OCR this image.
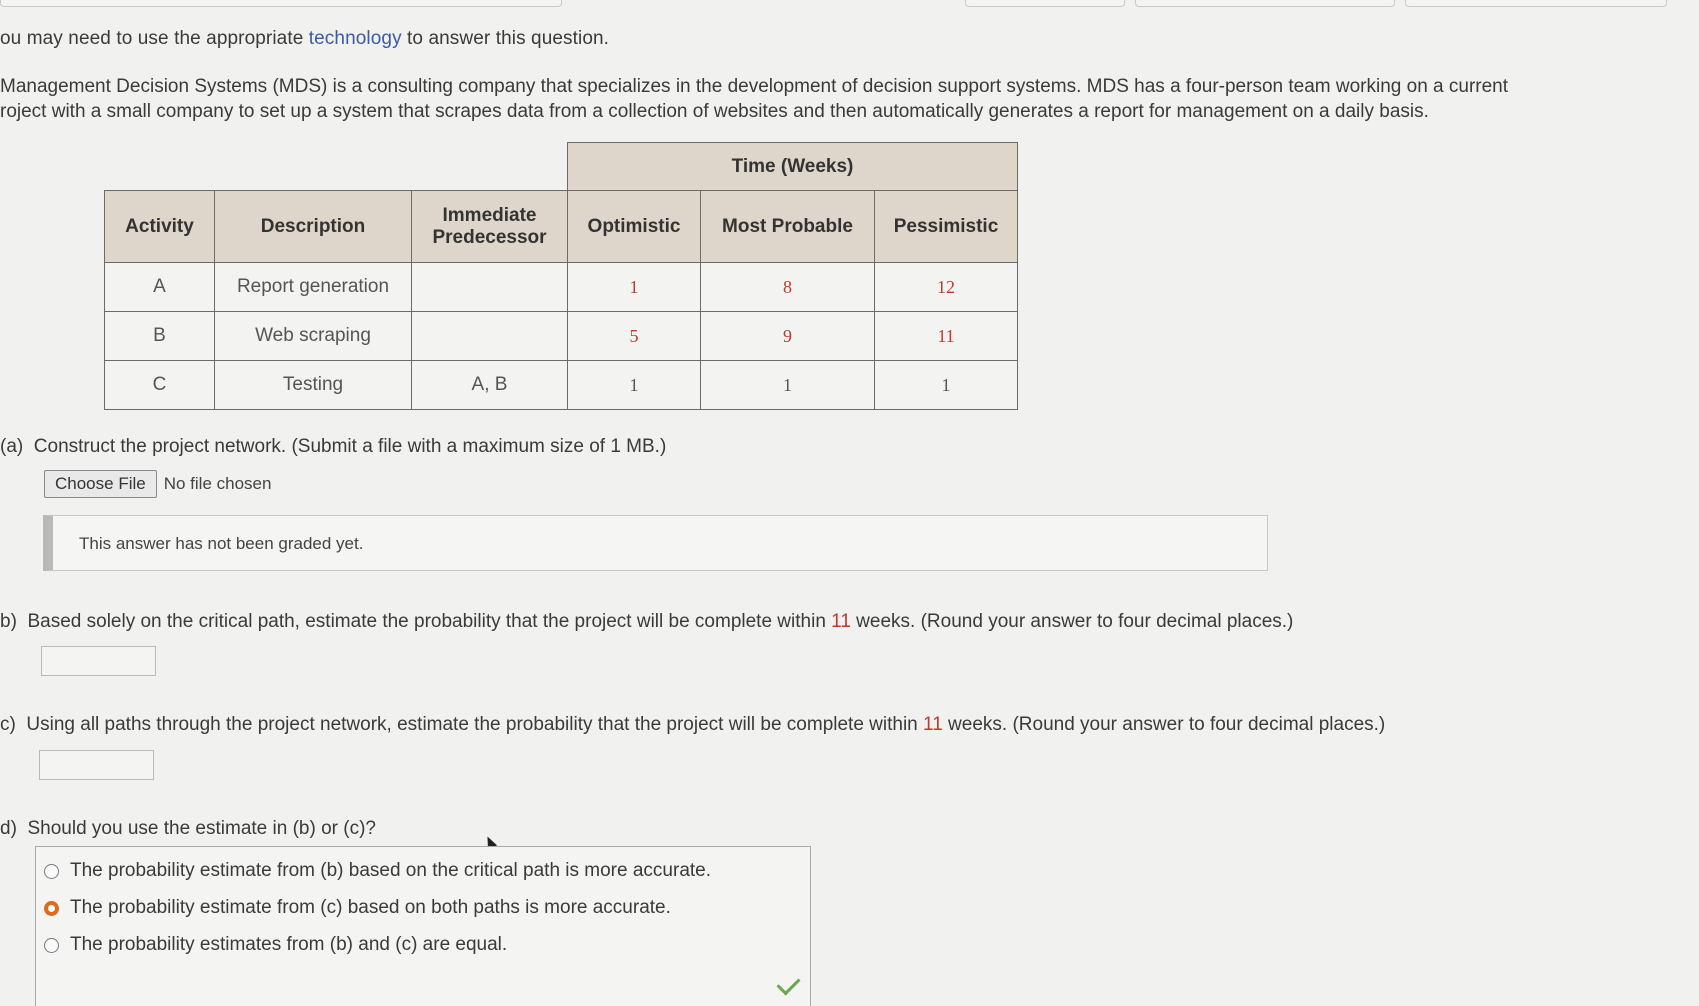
ou may need to use the appropriate technology to answer this question.
Management Decision Systems (MDS) is a consulting company that specializes in the development of decision support systems. MDS has a four-person team working on a current
roject with a small company to set up a system that scrapes data from a collection of websites and then automatically generates a report for management on a daily basis.
			Time (Weeks)		
Activity	Description	Immediate Predecessor	Optimistic	Most Probable	Pessimistic
A	Report generation		1	8	12
B	Web scraping		5	9	11
C	Testing	A, B	1	1	1
(a) Construct the project network. (Submit a file with a maximum size of 1 MB.)
Choose File	No file chosen
This answer has not been graded yet.
b) Based solely on the critical path, estimate the probability that the project will be complete within 11 weeks. (Round your answer to four decimal places.)
c) Using all paths through the project network, estimate the probability that the project will be complete within 11 weeks. (Round your answer to four decimal places.)
d) Should you use the estimate in (b) or (c)?
The probability estimate from (b) based on the critical path is more accurate.
The probability estimate from (c) based on both paths is more accurate.
The probability estimates from (b) and (c) are equal.
